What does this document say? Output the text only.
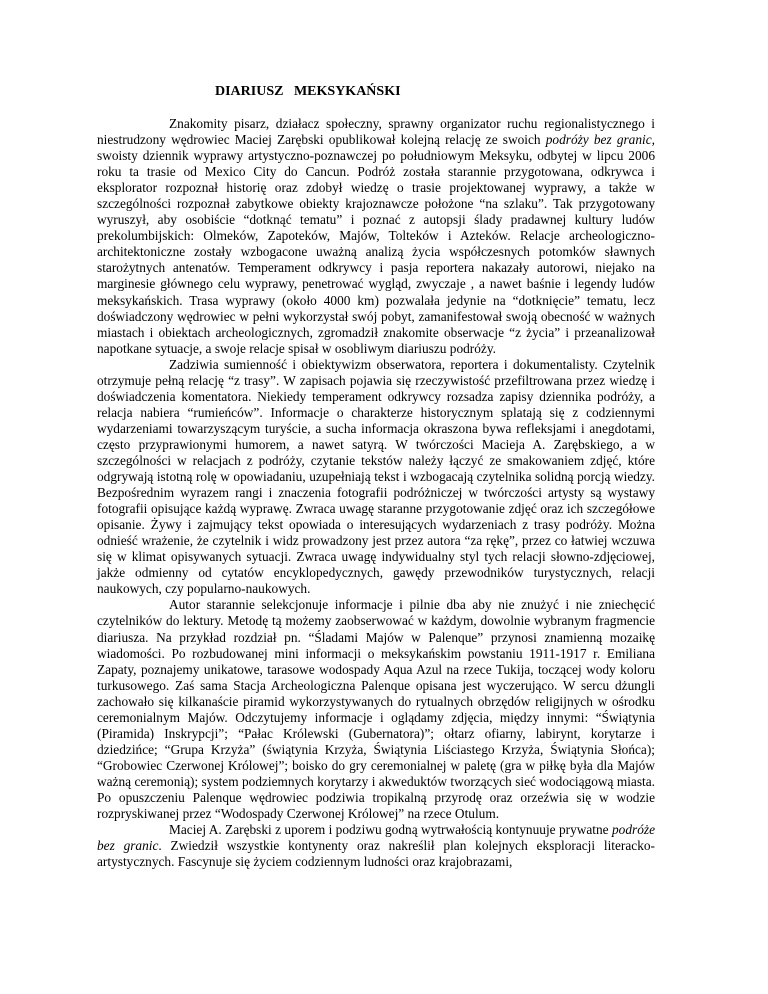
DIARIUSZ   MEKSYKAŃSKI

Znakomity pisarz, działacz społeczny, sprawny organizator ruchu regionalistycznego i niestrudzony wędrowiec Maciej Zarębski opublikował kolejną relację ze swoich podróży bez granic, swoisty dziennik wyprawy artystyczno-poznawczej po południowym Meksyku, odbytej w lipcu 2006 roku ta trasie od Mexico City do Cancun. Podróż została starannie przygotowana, odkrywca i eksplorator rozpoznał historię oraz zdobył wiedzę o trasie projektowanej wyprawy, a także w szczególności rozpoznał zabytkowe obiekty krajoznawcze położone “na szlaku”. Tak przygotowany wyruszył, aby osobiście “dotknąć tematu” i poznać z autopsji ślady pradawnej kultury ludów prekolumbijskich: Olmeków, Zapoteków, Majów, Tolteków i Azteków. Relacje archeologiczno-architektoniczne zostały wzbogacone uważną analizą życia współczesnych potomków sławnych starożytnych antenatów. Temperament odkrywcy i pasja reportera nakazały autorowi, niejako na marginesie głównego celu wyprawy, penetrować wygląd, zwyczaje , a nawet baśnie i legendy ludów meksykańskich. Trasa wyprawy (około 4000 km) pozwalała jedynie na “dotknięcie” tematu, lecz doświadczony wędrowiec w pełni wykorzystał swój pobyt, zamanifestował swoją obecność w ważnych miastach i obiektach archeologicznych, zgromadził znakomite obserwacje “z życia” i przeanalizował napotkane sytuacje, a swoje relacje spisał w osobliwym diariuszu podróży.

Zadziwia sumienność i obiektywizm obserwatora, reportera i dokumentalisty. Czytelnik otrzymuje pełną relację “z trasy”. W zapisach pojawia się rzeczywistość przefiltrowana przez wiedzę i doświadczenia komentatora. Niekiedy temperament odkrywcy rozsadza zapisy dziennika podróży, a relacja nabiera “rumieńców”. Informacje o charakterze historycznym splatają się z codziennymi wydarzeniami towarzyszącym turyście, a sucha informacja okraszona bywa refleksjami i anegdotami, często przyprawionymi humorem, a nawet satyrą. W twórczości Macieja A. Zarębskiego, a w szczególności w relacjach z podróży, czytanie tekstów należy łączyć ze smakowaniem zdjęć, które odgrywają istotną rolę w opowiadaniu, uzupełniają tekst i wzbogacają czytelnika solidną porcją wiedzy. Bezpośrednim wyrazem rangi i znaczenia fotografii podróżniczej w twórczości artysty są wystawy fotografii opisujące każdą wyprawę. Zwraca uwagę staranne przygotowanie zdjęć oraz ich szczegółowe opisanie. Żywy i zajmujący tekst opowiada o interesujących wydarzeniach z trasy podróży. Można odnieść wrażenie, że czytelnik i widz prowadzony jest przez autora “za rękę”, przez co łatwiej wczuwa się w klimat opisywanych sytuacji. Zwraca uwagę indywidualny styl tych relacji słowno-zdjęciowej, jakże odmienny od cytatów encyklopedycznych, gawędy przewodników turystycznych, relacji naukowych, czy popularno-naukowych.

Autor starannie selekcjonuje informacje i pilnie dba aby nie znużyć i nie zniechęcić czytelników do lektury. Metodę tą możemy zaobserwować w każdym, dowolnie wybranym fragmencie diariusza. Na przykład rozdział pn. “Śladami Majów w Palenque” przynosi znamienną mozaikę wiadomości. Po rozbudowanej mini informacji o meksykańskim powstaniu 1911-1917 r. Emiliana Zapaty, poznajemy unikatowe, tarasowe wodospady Aqua Azul na rzece Tukija, toczącej wody koloru turkusowego. Zaś sama Stacja Archeologiczna Palenque opisana jest wyczerująco. W sercu dżungli zachowało się kilkanaście piramid wykorzystywanych do rytualnych obrzędów religijnych w ośrodku ceremonialnym Majów. Odczytujemy informacje i oglądamy zdjęcia, między innymi: “Świątynia (Piramida) Inskrypcji”; “Pałac Królewski (Gubernatora)”; ołtarz ofiarny, labirynt, korytarze i dziedzińce; “Grupa Krzyża” (świątynia Krzyża, Świątynia Liściastego Krzyża, Świątynia Słońca); “Grobowiec Czerwonej Królowej”; boisko do gry ceremonialnej w paletę (gra w piłkę była dla Majów ważną ceremonią); system podziemnych korytarzy i akweduktów tworzących sieć wodociągową miasta. Po opuszczeniu Palenque wędrowiec podziwia tropikalną przyrodę oraz orzeźwia się w wodzie rozpryskiwanej przez “Wodospady Czerwonej Królowej” na rzece Otulum.

Maciej A. Zarębski z uporem i podziwu godną wytrwałością kontynuuje prywatne podróże bez granic. Zwiedził wszystkie kontynenty oraz nakreślił plan kolejnych eksploracji literacko-artystycznych. Fascynuje się życiem codziennym ludności oraz krajobrazami,
